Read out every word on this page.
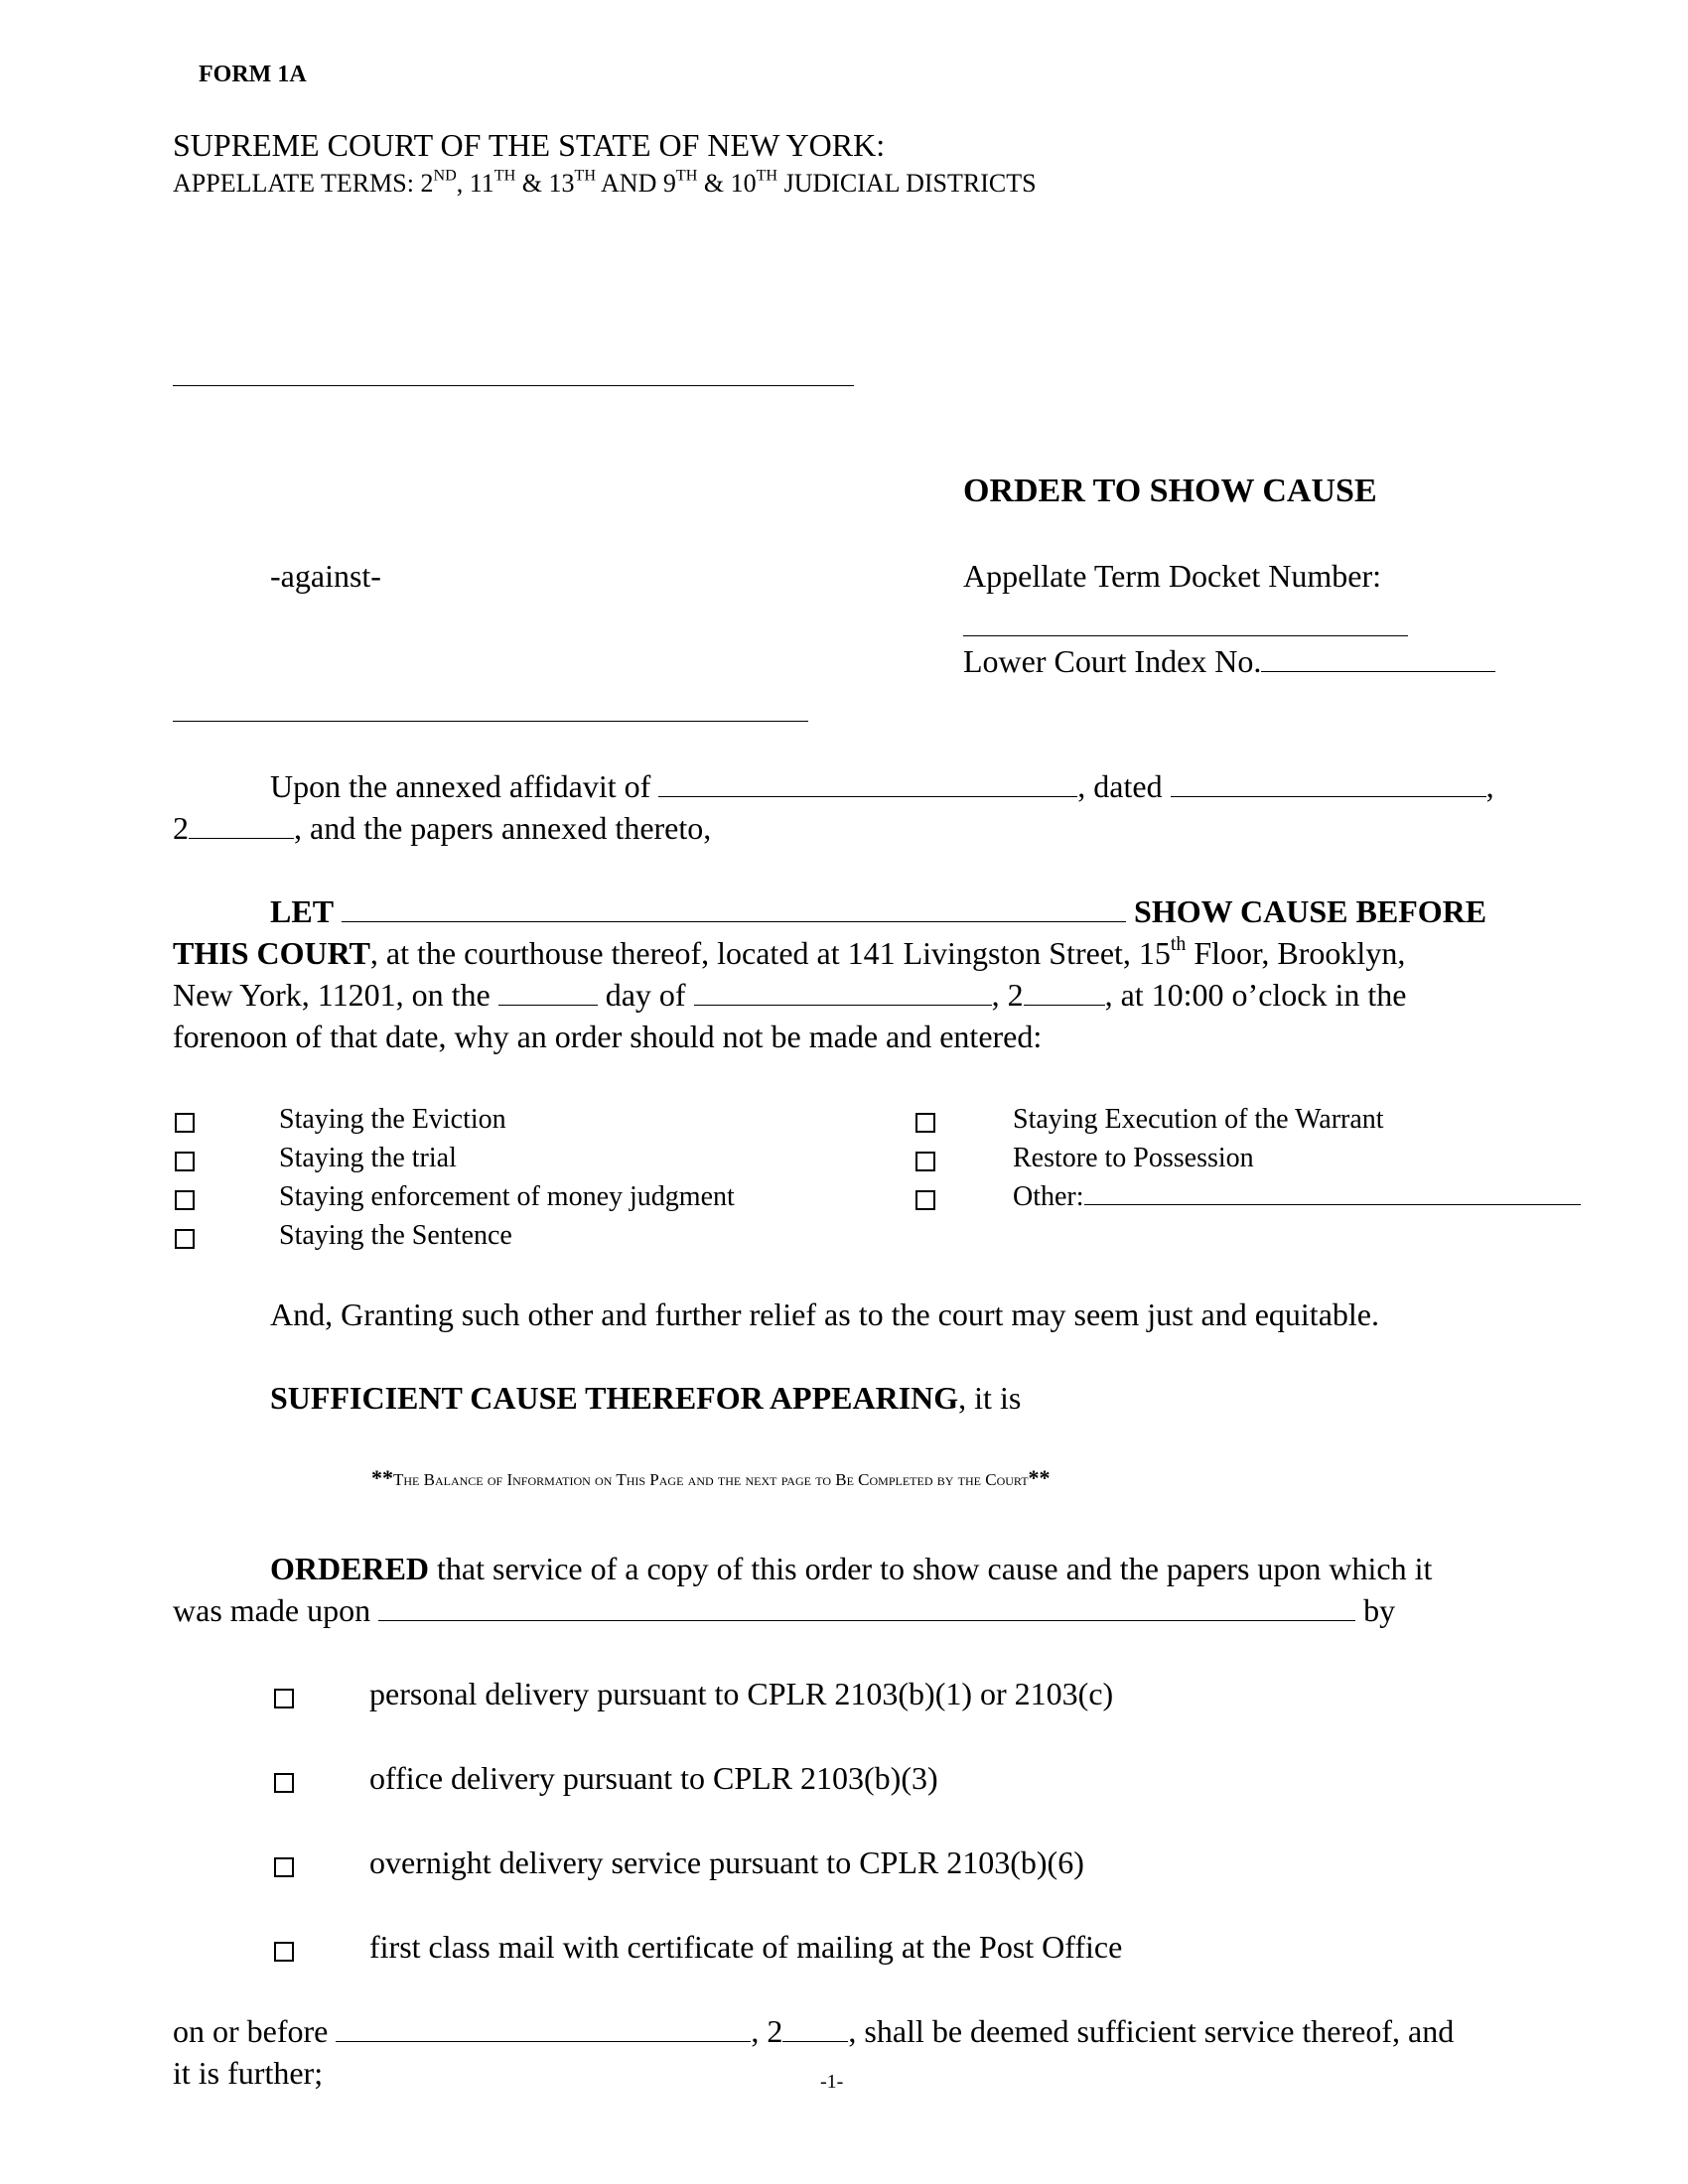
FORM 1A
SUPREME COURT OF THE STATE OF NEW YORK:
APPELLATE TERMS: 2ND, 11TH & 13TH AND 9TH & 10TH JUDICIAL DISTRICTS
ORDER TO SHOW CAUSE
-against-	Appellate Term Docket Number:
Lower Court Index No.
Upon the annexed affidavit of	, dated	,
2	, and the papers annexed thereto,
LET	SHOW CAUSE BEFORE
THIS COURT, at the courthouse thereof, located at 141 Livingston Street, 15th Floor, Brooklyn,
New York, 11201, on the	day of	, 2	, at 10:00 o’clock in the
forenoon of that date, why an order should not be made and entered:
Staying the Eviction
Staying the trial
Staying enforcement of money judgment
Staying the Sentence
Staying Execution of the Warrant
Restore to Possession
Other:
And, Granting such other and further relief as to the court may seem just and equitable.
SUFFICIENT CAUSE THEREFOR APPEARING, it is
**The Balance of Information on This Page and the next page to Be Completed by the Court**
ORDERED that service of a copy of this order to show cause and the papers upon which it
was made upon	by
personal delivery pursuant to CPLR 2103(b)(1) or 2103(c)
office delivery pursuant to CPLR 2103(b)(3)
overnight delivery service pursuant to CPLR 2103(b)(6)
first class mail with certificate of mailing at the Post Office
on or before	, 2 , shall be deemed sufficient service thereof, and
it is further;	-1-
